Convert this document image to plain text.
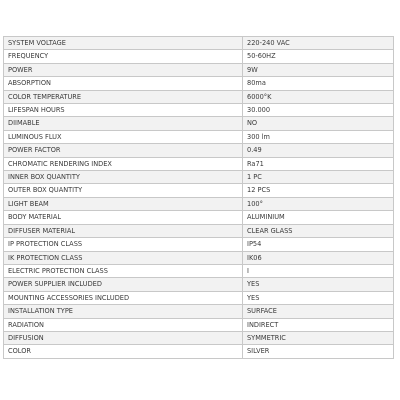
SYSTEM VOLTAGE	220-240 VAC
FREQUENCY	50-60HZ
POWER	9W
ABSORPTION	80ma
COLOR TEMPERATURE	6000°K
LIFESPAN HOURS	30.000
DIIMABLE	NO
LUMINOUS FLUX	300 lm
POWER FACTOR	0.49
CHROMATIC RENDERING INDEX	Ra71
INNER BOX QUANTITY	1 PC
OUTER BOX QUANTITY	12 PCS
LIGHT BEAM	100°
BODY MATERIAL	ALUMINIUM
DIFFUSER MATERIAL	CLEAR GLASS
IP PROTECTION CLASS	IP54
IK PROTECTION CLASS	IK06
ELECTRIC PROTECTION CLASS	I
POWER SUPPLIER INCLUDED	YES
MOUNTING ACCESSORIES INCLUDED	YES
INSTALLATION TYPE	SURFACE
RADIATION	INDIRECT
DIFFUSION	SYMMETRIC
COLOR	SILVER
